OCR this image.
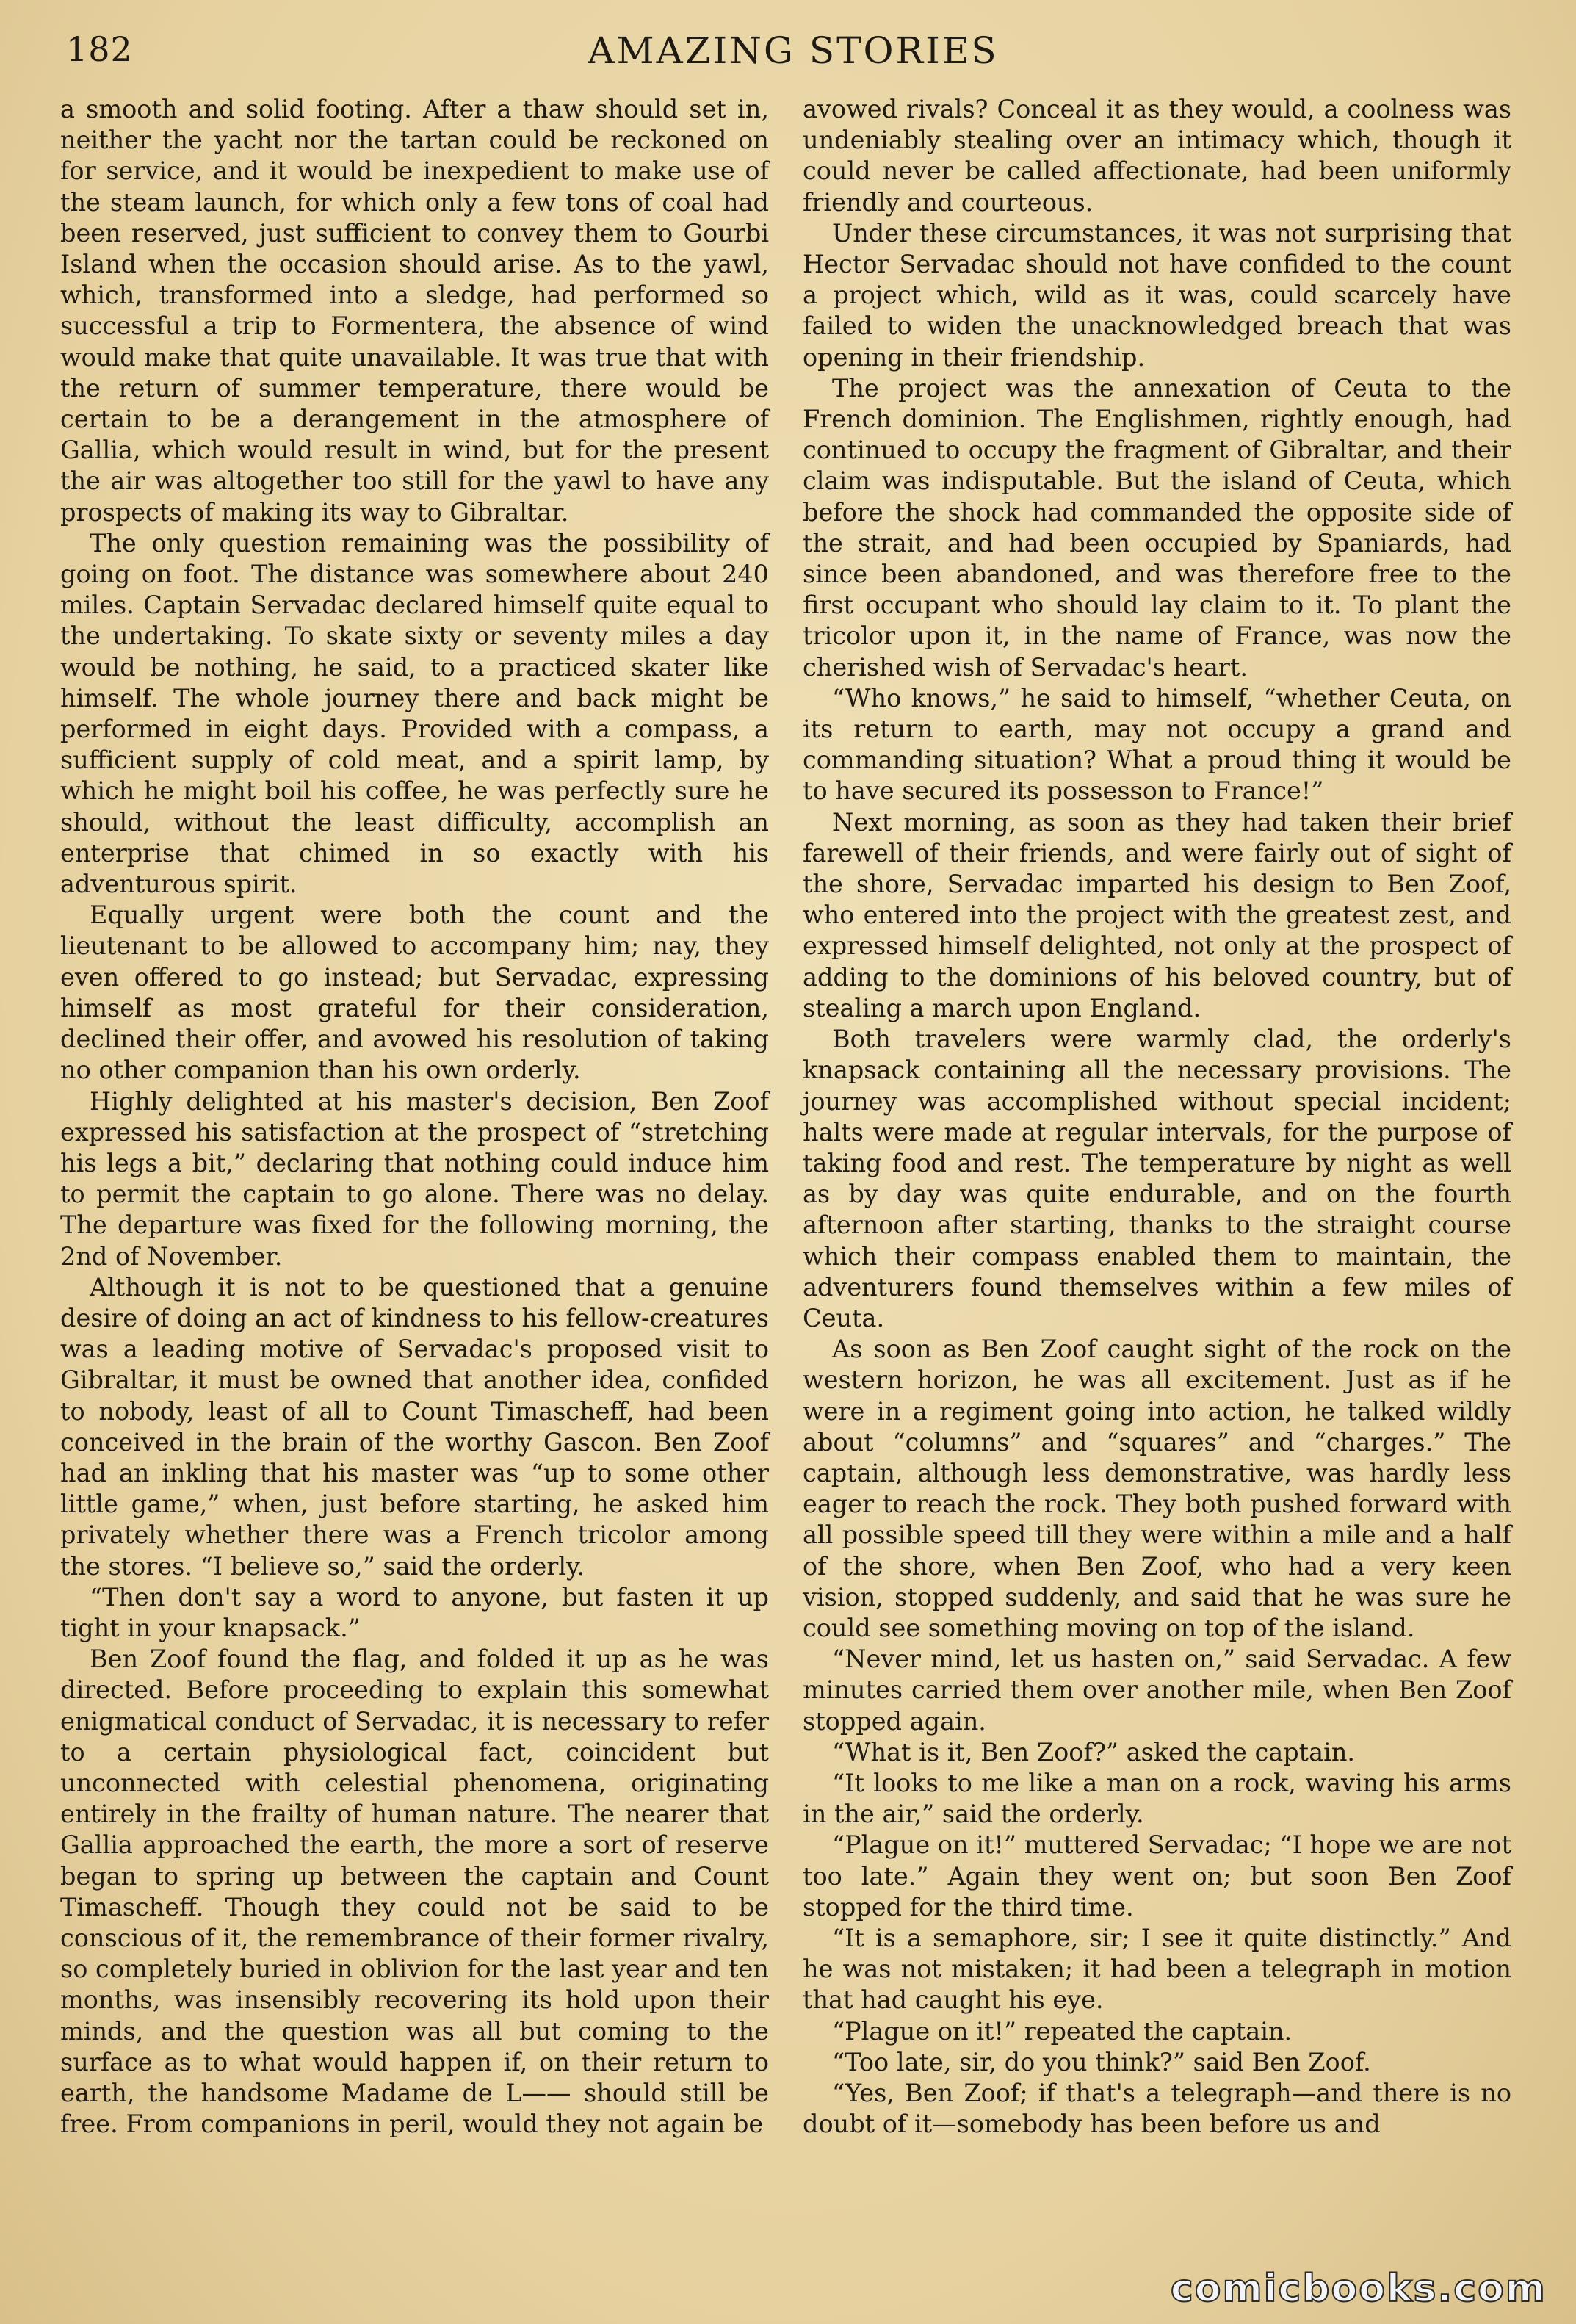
182	AMAZING STORIES

a smooth and solid footing. After a thaw should set in, neither the yacht nor the tartan could be reckoned on for service, and it would be inexpedient to make use of the steam launch, for which only a few tons of coal had been reserved, just sufficient to convey them to Gourbi Island when the occasion should arise. As to the yawl, which, transformed into a sledge, had performed so successful a trip to Formentera, the absence of wind would make that quite unavailable. It was true that with the return of summer temperature, there would be certain to be a derangement in the atmosphere of Gallia, which would result in wind, but for the present the air was altogether too still for the yawl to have any prospects of making its way to Gibraltar.

The only question remaining was the possibility of going on foot. The distance was somewhere about 240 miles. Captain Servadac declared himself quite equal to the undertaking. To skate sixty or seventy miles a day would be nothing, he said, to a practiced skater like himself. The whole journey there and back might be performed in eight days. Provided with a compass, a sufficient supply of cold meat, and a spirit lamp, by which he might boil his coffee, he was perfectly sure he should, without the least difficulty, accomplish an enterprise that chimed in so exactly with his adventurous spirit.

Equally urgent were both the count and the lieutenant to be allowed to accompany him; nay, they even offered to go instead; but Servadac, expressing himself as most grateful for their consideration, declined their offer, and avowed his resolution of taking no other companion than his own orderly.

Highly delighted at his master's decision, Ben Zoof expressed his satisfaction at the prospect of “stretching his legs a bit,” declaring that nothing could induce him to permit the captain to go alone. There was no delay. The departure was fixed for the following morning, the 2nd of November.

Although it is not to be questioned that a genuine desire of doing an act of kindness to his fellow-creatures was a leading motive of Servadac's proposed visit to Gibraltar, it must be owned that another idea, confided to nobody, least of all to Count Timascheff, had been conceived in the brain of the worthy Gascon. Ben Zoof had an inkling that his master was “up to some other little game,” when, just before starting, he asked him privately whether there was a French tricolor among the stores. “I believe so,” said the orderly.

“Then don't say a word to anyone, but fasten it up tight in your knapsack.”

Ben Zoof found the flag, and folded it up as he was directed. Before proceeding to explain this somewhat enigmatical conduct of Servadac, it is necessary to refer to a certain physiological fact, coincident but unconnected with celestial phenomena, originating entirely in the frailty of human nature. The nearer that Gallia approached the earth, the more a sort of reserve began to spring up between the captain and Count Timascheff. Though they could not be said to be conscious of it, the remembrance of their former rivalry, so completely buried in oblivion for the last year and ten months, was insensibly recovering its hold upon their minds, and the question was all but coming to the surface as to what would happen if, on their return to earth, the handsome Madame de L—— should still be free. From companions in peril, would they not again be

avowed rivals? Conceal it as they would, a coolness was undeniably stealing over an intimacy which, though it could never be called affectionate, had been uniformly friendly and courteous.

Under these circumstances, it was not surprising that Hector Servadac should not have confided to the count a project which, wild as it was, could scarcely have failed to widen the unacknowledged breach that was opening in their friendship.

The project was the annexation of Ceuta to the French dominion. The Englishmen, rightly enough, had continued to occupy the fragment of Gibraltar, and their claim was indisputable. But the island of Ceuta, which before the shock had commanded the opposite side of the strait, and had been occupied by Spaniards, had since been abandoned, and was therefore free to the first occupant who should lay claim to it. To plant the tricolor upon it, in the name of France, was now the cherished wish of Servadac's heart.

“Who knows,” he said to himself, “whether Ceuta, on its return to earth, may not occupy a grand and commanding situation? What a proud thing it would be to have secured its possesson to France!”

Next morning, as soon as they had taken their brief farewell of their friends, and were fairly out of sight of the shore, Servadac imparted his design to Ben Zoof, who entered into the project with the greatest zest, and expressed himself delighted, not only at the prospect of adding to the dominions of his beloved country, but of stealing a march upon England.

Both travelers were warmly clad, the orderly's knapsack containing all the necessary provisions. The journey was accomplished without special incident; halts were made at regular intervals, for the purpose of taking food and rest. The temperature by night as well as by day was quite endurable, and on the fourth afternoon after starting, thanks to the straight course which their compass enabled them to maintain, the adventurers found themselves within a few miles of Ceuta.

As soon as Ben Zoof caught sight of the rock on the western horizon, he was all excitement. Just as if he were in a regiment going into action, he talked wildly about “columns” and “squares” and “charges.” The captain, although less demonstrative, was hardly less eager to reach the rock. They both pushed forward with all possible speed till they were within a mile and a half of the shore, when Ben Zoof, who had a very keen vision, stopped suddenly, and said that he was sure he could see something moving on top of the island.

“Never mind, let us hasten on,” said Servadac. A few minutes carried them over another mile, when Ben Zoof stopped again.

“What is it, Ben Zoof?” asked the captain.

“It looks to me like a man on a rock, waving his arms in the air,” said the orderly.

“Plague on it!” muttered Servadac; “I hope we are not too late.” Again they went on; but soon Ben Zoof stopped for the third time.

“It is a semaphore, sir; I see it quite distinctly.” And he was not mistaken; it had been a telegraph in motion that had caught his eye.

“Plague on it!” repeated the captain.

“Too late, sir, do you think?” said Ben Zoof.

“Yes, Ben Zoof; if that's a telegraph—and there is no doubt of it—somebody has been before us and

comicbooks.com
